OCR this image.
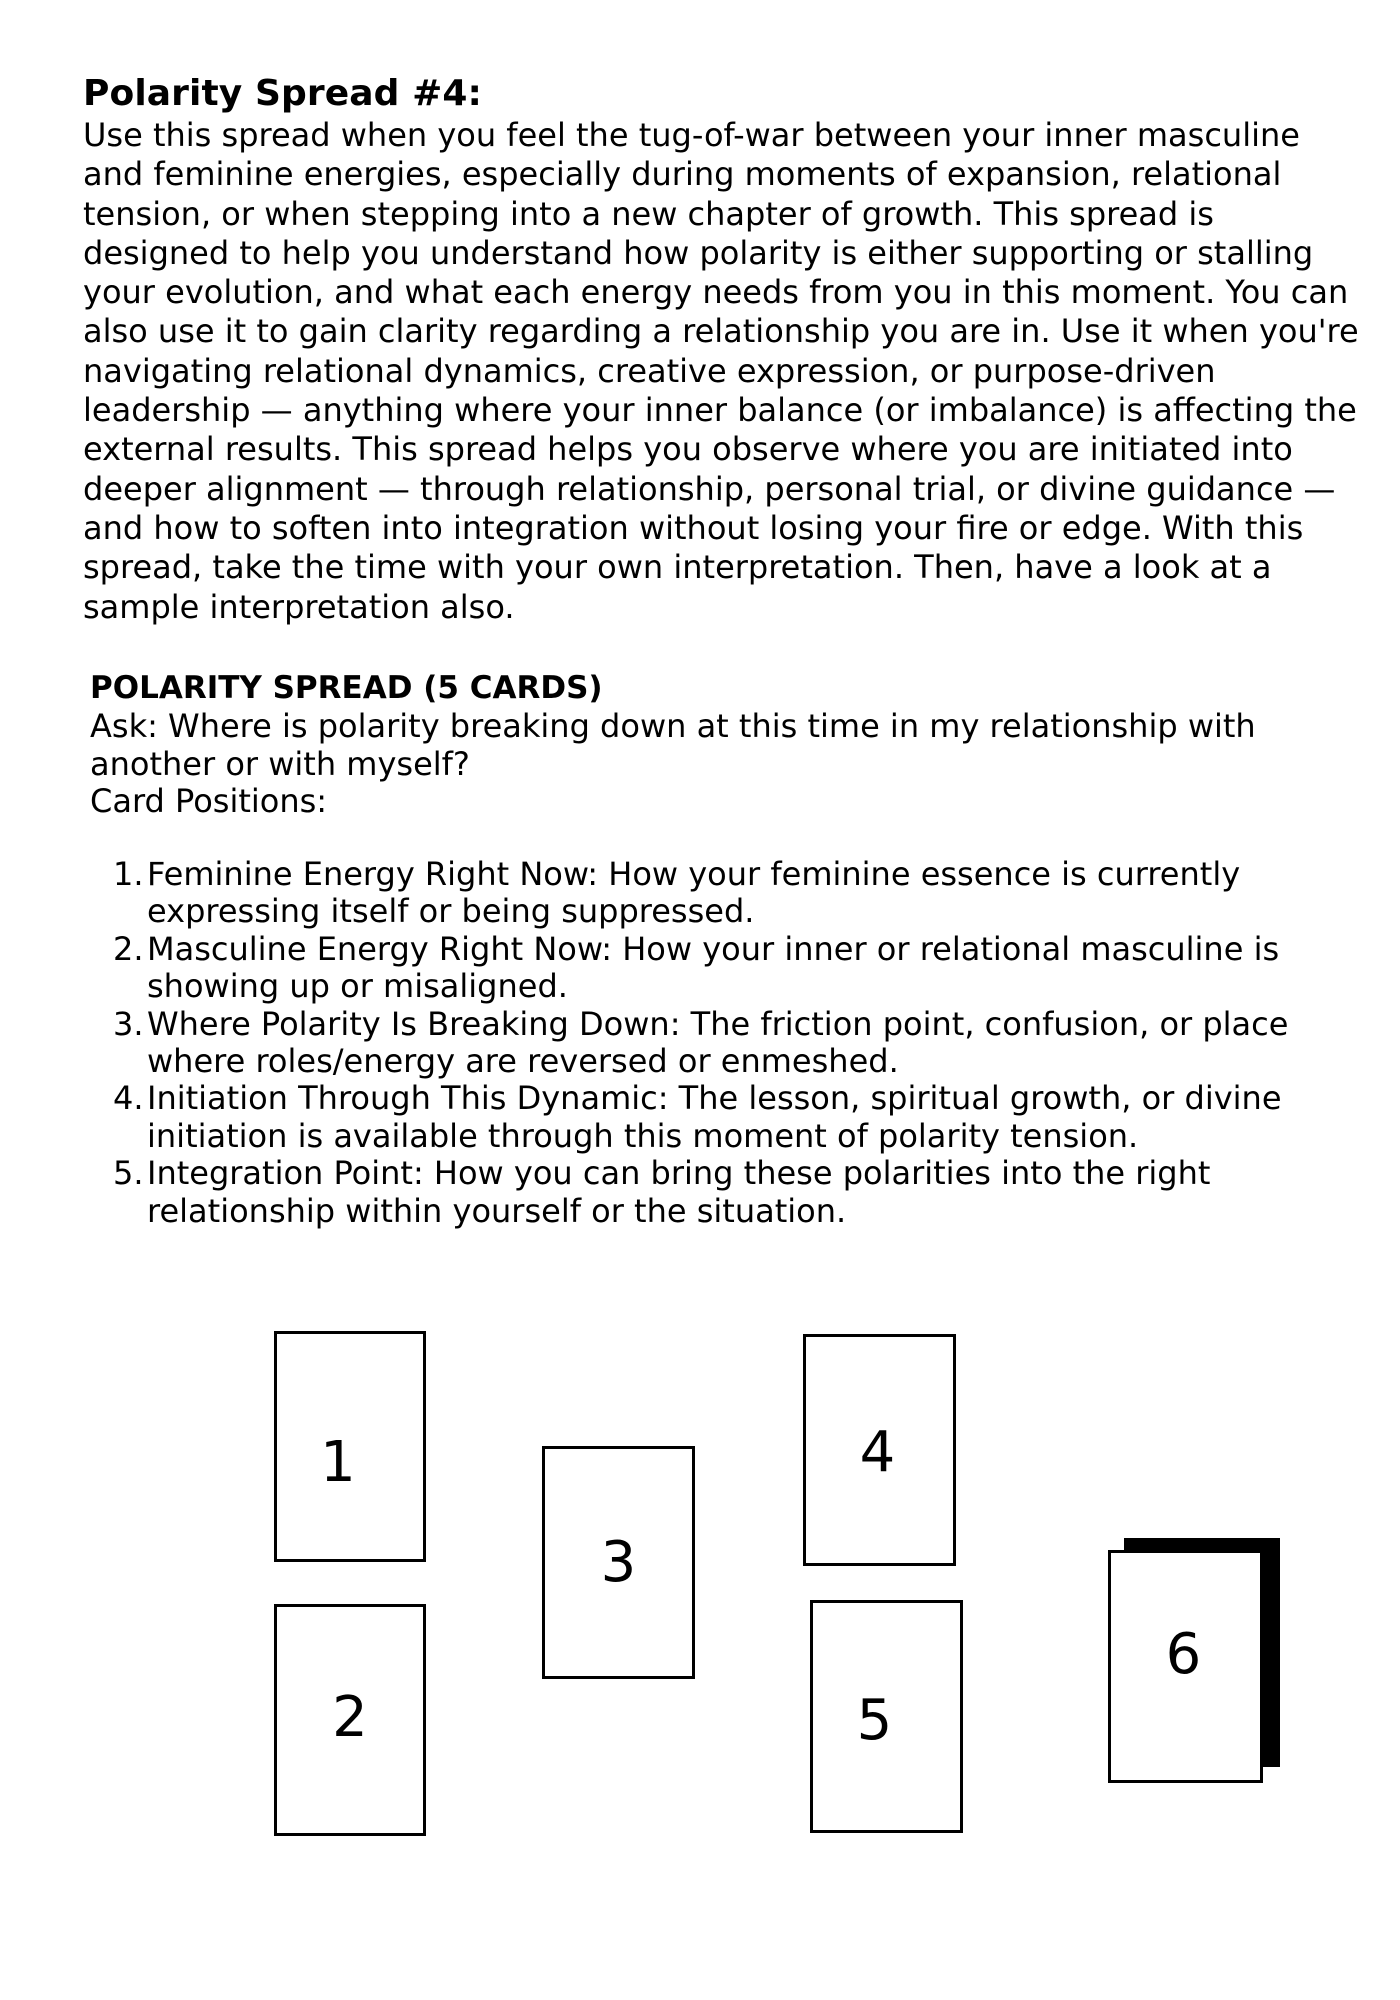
Polarity Spread #4:

Use this spread when you feel the tug-of-war between your inner masculine
and feminine energies, especially during moments of expansion, relational
tension, or when stepping into a new chapter of growth. This spread is
designed to help you understand how polarity is either supporting or stalling
your evolution, and what each energy needs from you in this moment. You can
also use it to gain clarity regarding a relationship you are in. Use it when you're
navigating relational dynamics, creative expression, or purpose-driven
leadership — anything where your inner balance (or imbalance) is affecting the
external results. This spread helps you observe where you are initiated into
deeper alignment — through relationship, personal trial, or divine guidance —
and how to soften into integration without losing your fire or edge. With this
spread, take the time with your own interpretation. Then, have a look at a
sample interpretation also.

POLARITY SPREAD (5 CARDS)
Ask: Where is polarity breaking down at this time in my relationship with
another or with myself?
Card Positions:
1. Feminine Energy Right Now: How your feminine essence is currently
expressing itself or being suppressed.
2. Masculine Energy Right Now: How your inner or relational masculine is
showing up or misaligned.
3. Where Polarity Is Breaking Down: The friction point, confusion, or place
where roles/energy are reversed or enmeshed.
4. Initiation Through This Dynamic: The lesson, spiritual growth, or divine
initiation is available through this moment of polarity tension.
5. Integration Point: How you can bring these polarities into the right
relationship within yourself or the situation.
1
2
3
4
5
6
